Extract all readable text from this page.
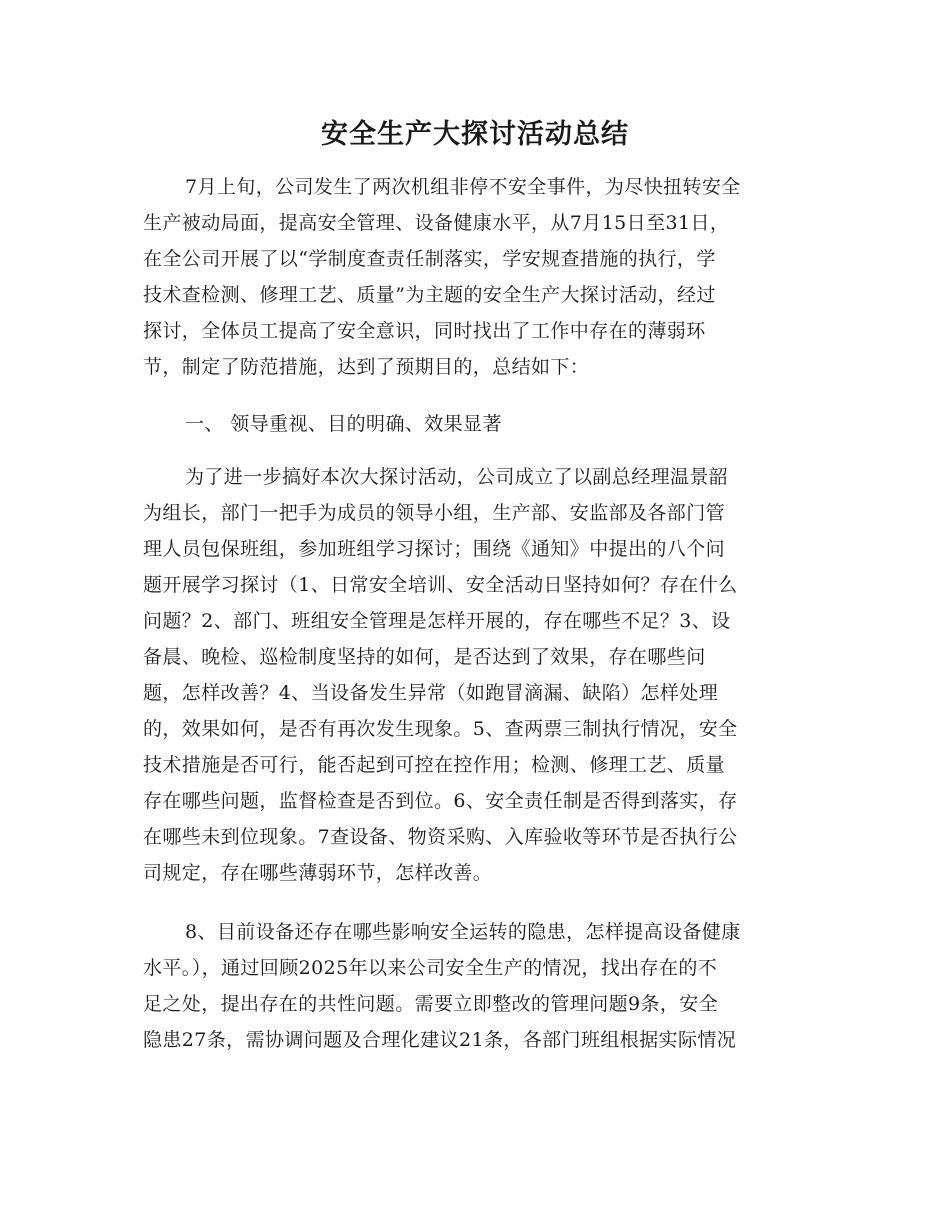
安全生产大探讨活动总结

7月上旬，公司发生了两次机组非停不安全事件，为尽快扭转安全

生产被动局面，提高安全管理、设备健康水平，从7月15日至31日，

在全公司开展了以“学制度查责任制落实，学安规查措施的执行，学

技术查检测、修理工艺、质量”为主题的安全生产大探讨活动，经过

探讨，全体员工提高了安全意识，同时找出了工作中存在的薄弱环

节，制定了防范措施，达到了预期目的，总结如下：

一、 领导重视、目的明确、效果显著

为了进一步搞好本次大探讨活动，公司成立了以副总经理温景韶

为组长，部门一把手为成员的领导小组，生产部、安监部及各部门管

理人员包保班组，参加班组学习探讨；围绕《通知》中提出的八个问

题开展学习探讨（1、日常安全培训、安全活动日坚持如何？存在什么

问题？2、部门、班组安全管理是怎样开展的，存在哪些不足？3、设

备晨、晚检、巡检制度坚持的如何，是否达到了效果，存在哪些问

题，怎样改善？4、当设备发生异常（如跑冒滴漏、缺陷）怎样处理

的，效果如何，是否有再次发生现象。5、查两票三制执行情况，安全

技术措施是否可行，能否起到可控在控作用；检测、修理工艺、质量

存在哪些问题，监督检查是否到位。6、安全责任制是否得到落实，存

在哪些未到位现象。7查设备、物资采购、入库验收等环节是否执行公

司规定，存在哪些薄弱环节，怎样改善。

8、目前设备还存在哪些影响安全运转的隐患，怎样提高设备健康

水平。），通过回顾2025年以来公司安全生产的情况，找出存在的不

足之处，提出存在的共性问题。需要立即整改的管理问题9条，安全

隐患27条，需协调问题及合理化建议21条，各部门班组根据实际情况
